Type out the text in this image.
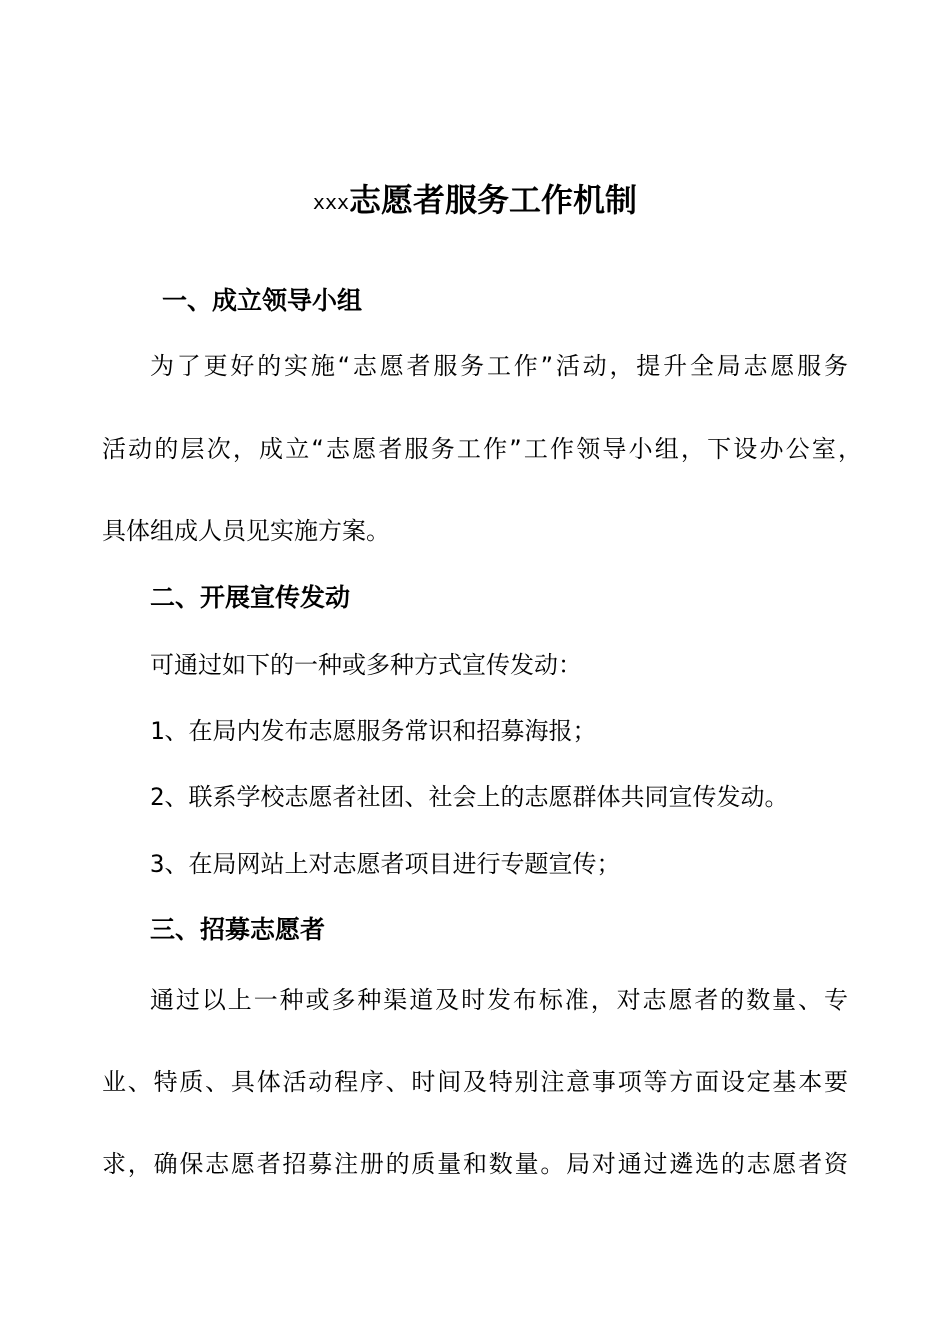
xxx志愿者服务工作机制
一、成立领导小组
为了更好的实施“志愿者服务工作”活动，提升全局志愿服务
活动的层次，成立“志愿者服务工作”工作领导小组，下设办公室，
具体组成人员见实施方案。
二、开展宣传发动
可通过如下的一种或多种方式宣传发动：
1、在局内发布志愿服务常识和招募海报；
2、联系学校志愿者社团、社会上的志愿群体共同宣传发动。
3、在局网站上对志愿者项目进行专题宣传；
三、招募志愿者
通过以上一种或多种渠道及时发布标准，对志愿者的数量、专
业、特质、具体活动程序、时间及特别注意事项等方面设定基本要
求，确保志愿者招募注册的质量和数量。局对通过遴选的志愿者资
